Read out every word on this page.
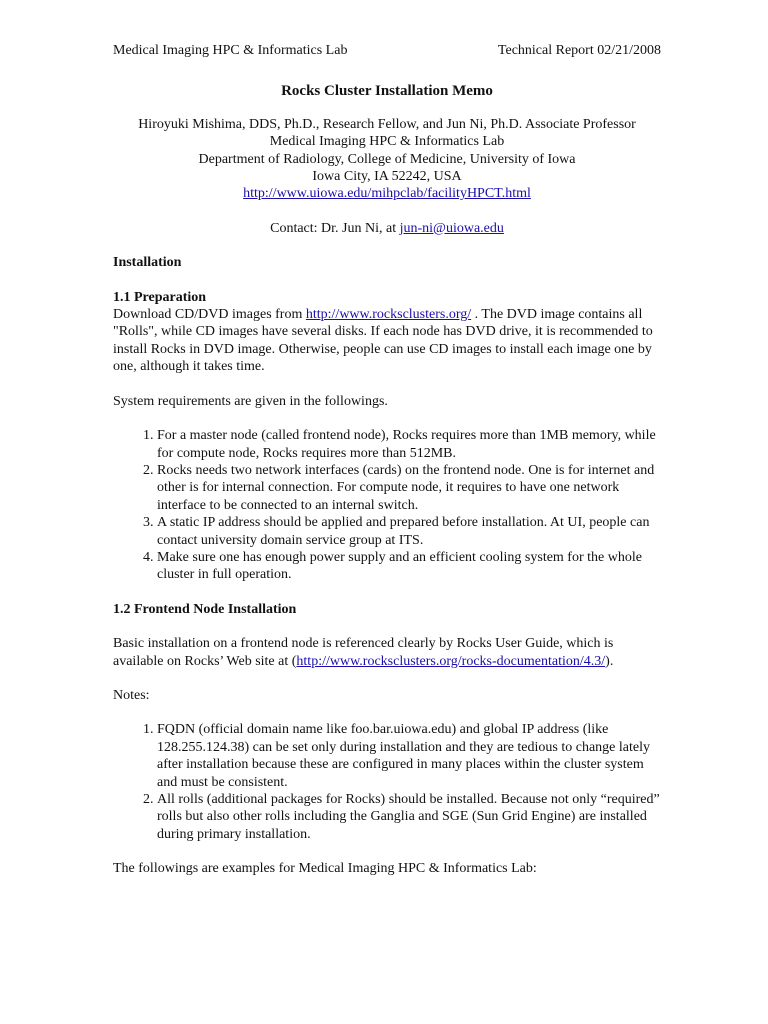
Medical Imaging HPC & Informatics Lab	Technical Report 02/21/2008
Rocks Cluster Installation Memo
Hiroyuki Mishima, DDS, Ph.D., Research Fellow, and Jun Ni, Ph.D. Associate Professor
Medical Imaging HPC & Informatics Lab
Department of Radiology, College of Medicine, University of Iowa
Iowa City, IA 52242, USA
http://www.uiowa.edu/mihpclab/facilityHPCT.html
Contact: Dr. Jun Ni, at jun-ni@uiowa.edu
Installation
1.1 Preparation

Download CD/DVD images from http://www.rocksclusters.org/ . The DVD image contains all "Rolls", while CD images have several disks. If each node has DVD drive, it is recommended to install Rocks in DVD image. Otherwise, people can use CD images to install each image one by one, although it takes time.

System requirements are given in the followings.

1. For a master node (called frontend node), Rocks requires more than 1MB memory, while for compute node, Rocks requires more than 512MB.
2. Rocks needs two network interfaces (cards) on the frontend node. One is for internet and other is for internal connection. For compute node, it requires to have one network interface to be connected to an internal switch.
3. A static IP address should be applied and prepared before installation. At UI, people can contact university domain service group at ITS.
4. Make sure one has enough power supply and an efficient cooling system for the whole cluster in full operation.
1.2 Frontend Node Installation

Basic installation on a frontend node is referenced clearly by Rocks User Guide, which is available on Rocks’ Web site at (http://www.rocksclusters.org/rocks-documentation/4.3/).

Notes:

1. FQDN (official domain name like foo.bar.uiowa.edu) and global IP address (like 128.255.124.38) can be set only during installation and they are tedious to change lately after installation because these are configured in many places within the cluster system and must be consistent.
2. All rolls (additional packages for Rocks) should be installed. Because not only “required” rolls but also other rolls including the Ganglia and SGE (Sun Grid Engine) are installed during primary installation.

The followings are examples for Medical Imaging HPC & Informatics Lab:
